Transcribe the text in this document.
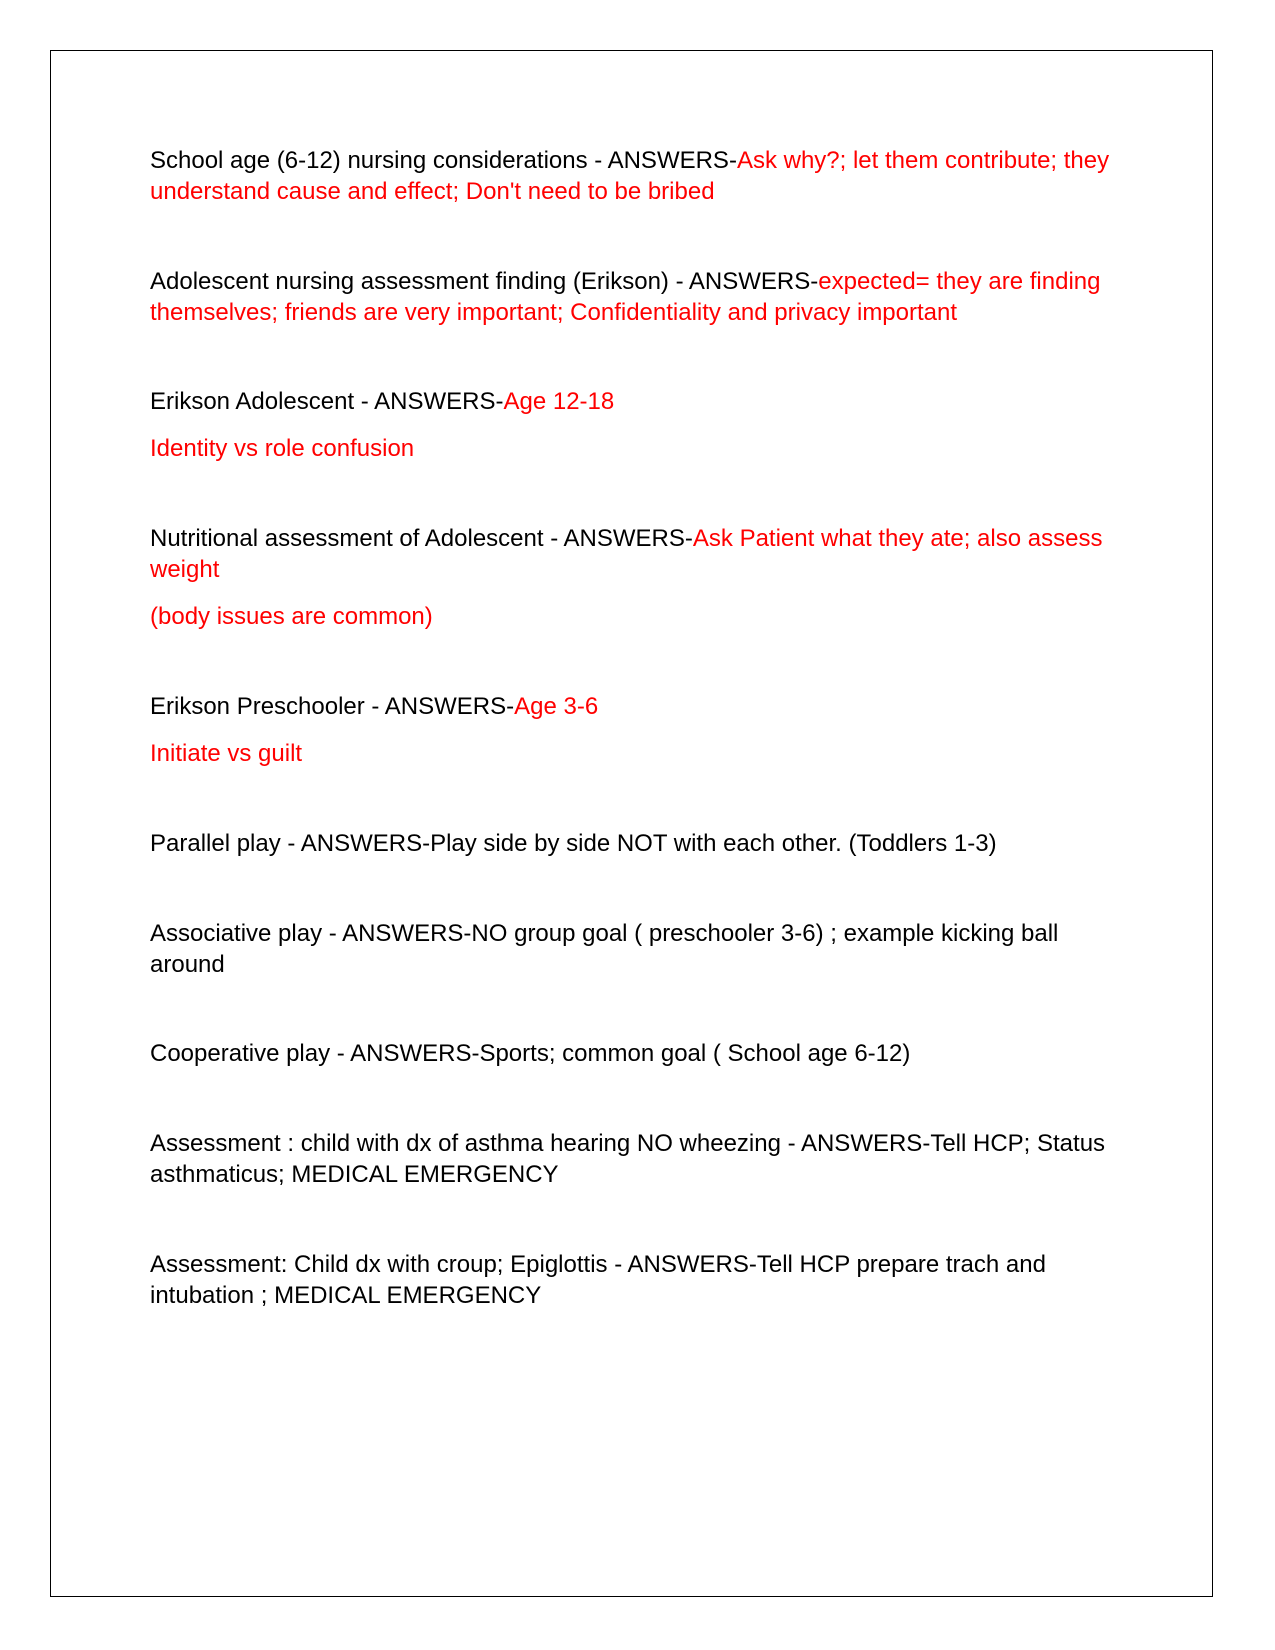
School age (6-12) nursing considerations - ANSWERS-Ask why?; let them contribute; they understand cause and effect; Don't need to be bribed

Adolescent nursing assessment finding (Erikson) - ANSWERS-expected= they are finding themselves; friends are very important; Confidentiality and privacy important

Erikson Adolescent - ANSWERS-Age 12-18

Identity vs role confusion

Nutritional assessment of Adolescent - ANSWERS-Ask Patient what they ate; also assess weight

(body issues are common)

Erikson Preschooler - ANSWERS-Age 3-6

Initiate vs guilt

Parallel play - ANSWERS-Play side by side NOT with each other. (Toddlers 1-3)

Associative play - ANSWERS-NO group goal ( preschooler 3-6) ; example kicking ball around

Cooperative play - ANSWERS-Sports; common goal ( School age 6-12)

Assessment : child with dx of asthma hearing NO wheezing - ANSWERS-Tell HCP; Status asthmaticus; MEDICAL EMERGENCY

Assessment: Child dx with croup; Epiglottis - ANSWERS-Tell HCP prepare trach and intubation ; MEDICAL EMERGENCY
